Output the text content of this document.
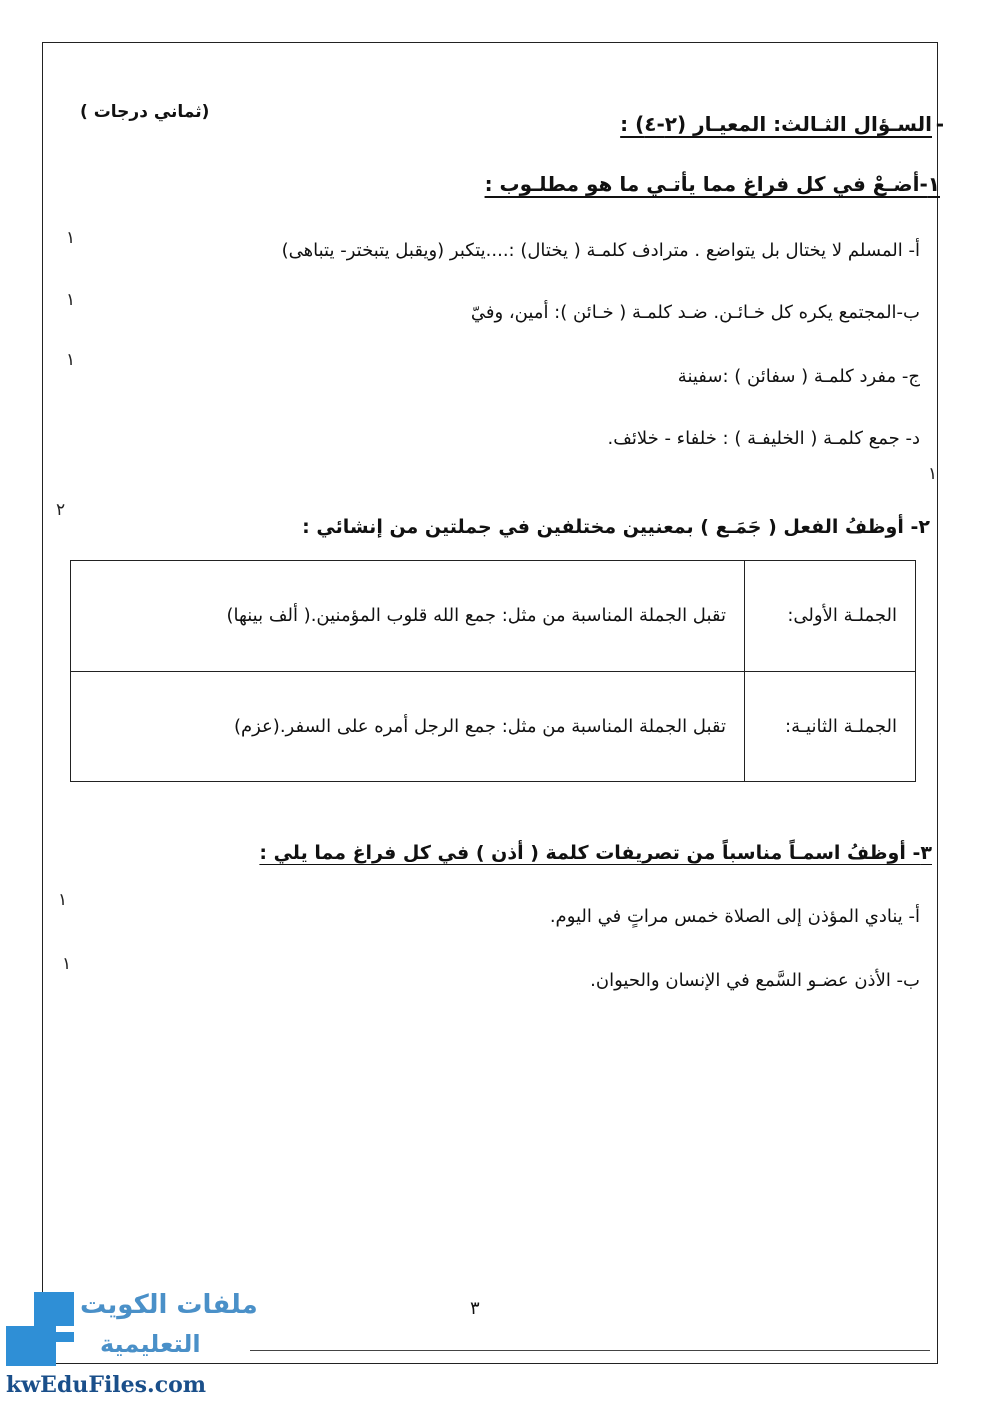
( ثماني درجات)	السـؤال الثـالث: المعيـار (٢-٤) : -
١-أضـعْ في كل فراغ مما يأتـي ما هو مطلـوب :
أ- المسلم لا يختال بل يتواضع . مترادف كلمـة ( يختال) :....يتكبر (ويقبل يتبختر- يتباهى)
١
ب-المجتمع يكره كل خـائـن. ضـد كلمـة ( خـائن ): أمين، وفيّ
١
ج- مفرد كلمـة ( سفائن ) :سفينة
١
د- جمع كلمـة ( الخليفـة ) : خلفاء - خلائف.
١
٢- أوظفُ الفعل ( جَمَـع ) بمعنيين مختلفين في جملتين من إنشائي :
٢
الجملـة الأولى:	تقبل الجملة المناسبة من مثل: جمع الله قلوب المؤمنين.( ألف بينها)
الجملـة الثانيـة:	تقبل الجملة المناسبة من مثل: جمع الرجل أمره على السفر.(عزم)
٣- أوظفُ اسمـاً مناسباً من تصريفات كلمة ( أذن ) في كل فراغ مما يلي :
أ- ينادي المؤذن إلى الصلاة خمس مراتٍ في اليوم.
١
ب- الأذن عضـو السَّمع في الإنسان والحيوان.
١
٣
ملفات الكويت
التعليمية
kwEduFiles.com
